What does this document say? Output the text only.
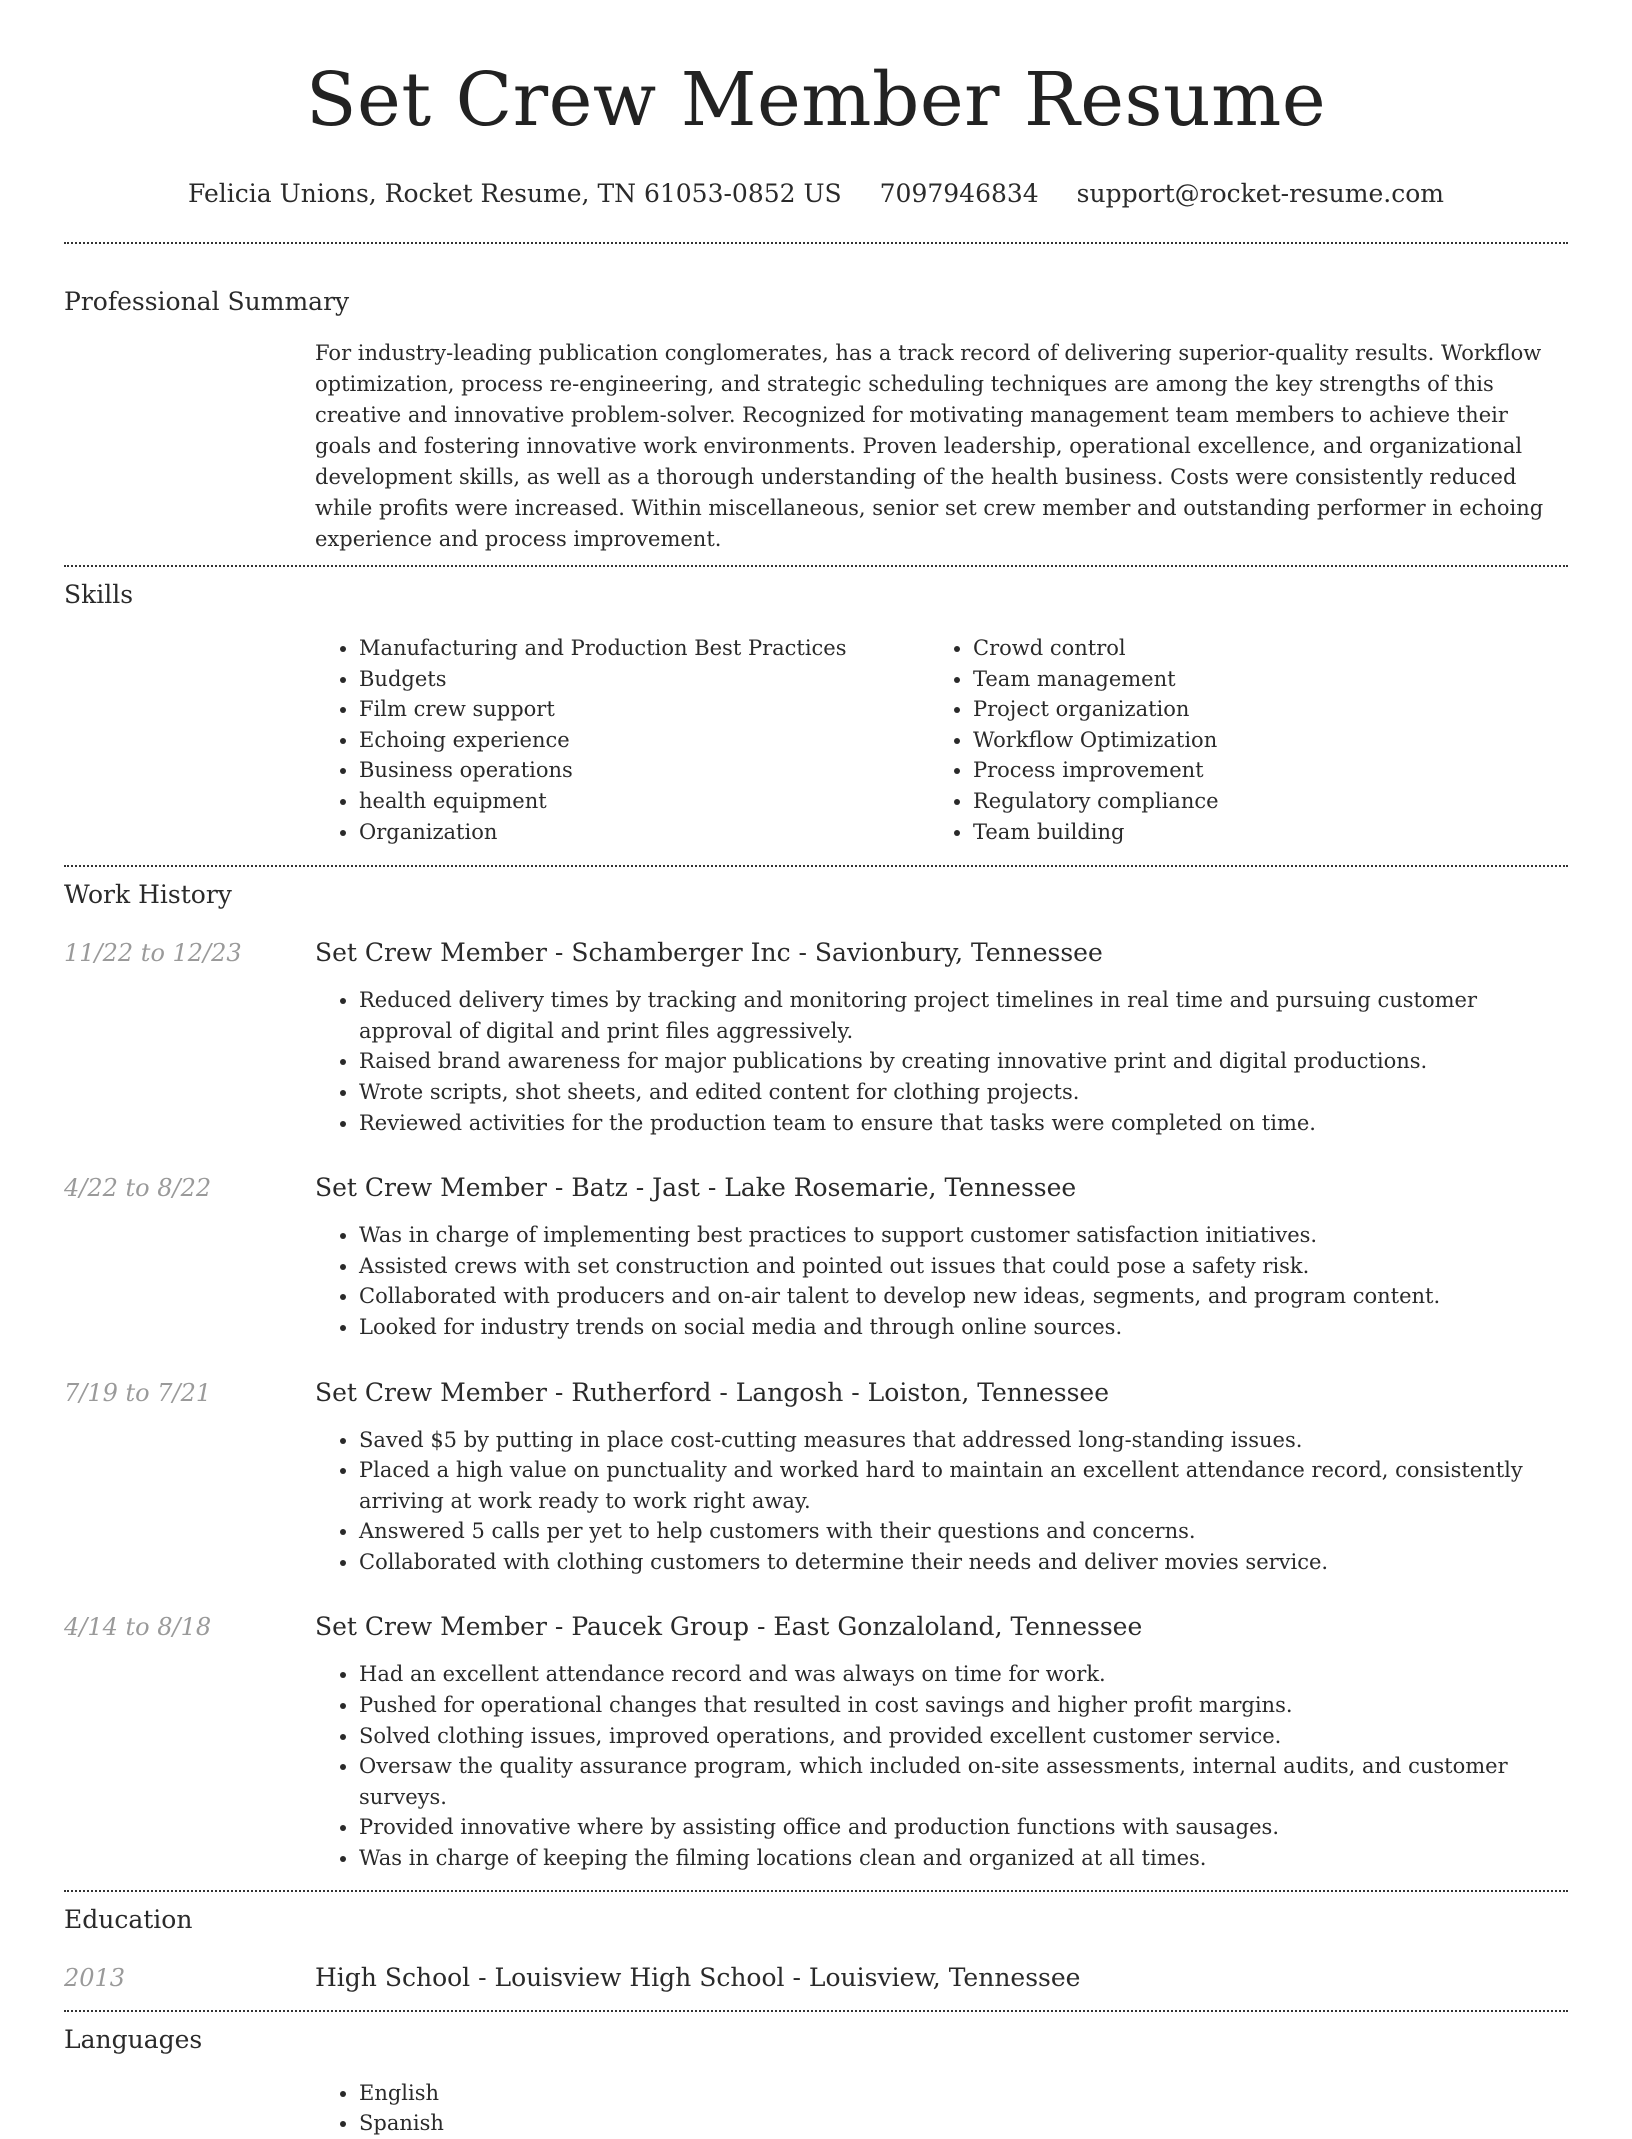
Set Crew Member Resume
Felicia Unions, Rocket Resume, TN 61053-0852 US 7097946834 support@rocket-resume.com
Professional Summary

For industry-leading publication conglomerates, has a track record of delivering superior-quality results. Workflow optimization, process re-engineering, and strategic scheduling techniques are among the key strengths of this creative and innovative problem-solver. Recognized for motivating management team members to achieve their goals and fostering innovative work environments. Proven leadership, operational excellence, and organizational development skills, as well as a thorough understanding of the health business. Costs were consistently reduced while profits were increased. Within miscellaneous, senior set crew member and outstanding performer in echoing experience and process improvement.

Skills
• Manufacturing and Production Best Practices
• Budgets
• Film crew support
• Echoing experience
• Business operations
• health equipment
• Organization
• Crowd control
• Team management
• Project organization
• Workflow Optimization
• Process improvement
• Regulatory compliance
• Team building
Work History
11/22 to 12/23	Set Crew Member - Schamberger Inc - Savionbury, Tennessee
• Reduced delivery times by tracking and monitoring project timelines in real time and pursuing customer approval of digital and print files aggressively.
• Raised brand awareness for major publications by creating innovative print and digital productions.
• Wrote scripts, shot sheets, and edited content for clothing projects.
• Reviewed activities for the production team to ensure that tasks were completed on time.
4/22 to 8/22	Set Crew Member - Batz - Jast - Lake Rosemarie, Tennessee
• Was in charge of implementing best practices to support customer satisfaction initiatives.
• Assisted crews with set construction and pointed out issues that could pose a safety risk.
• Collaborated with producers and on-air talent to develop new ideas, segments, and program content.
• Looked for industry trends on social media and through online sources.
7/19 to 7/21	Set Crew Member - Rutherford - Langosh - Loiston, Tennessee
• Saved $5 by putting in place cost-cutting measures that addressed long-standing issues.
• Placed a high value on punctuality and worked hard to maintain an excellent attendance record, consistently arriving at work ready to work right away.
• Answered 5 calls per yet to help customers with their questions and concerns.
• Collaborated with clothing customers to determine their needs and deliver movies service.
4/14 to 8/18	Set Crew Member - Paucek Group - East Gonzaloland, Tennessee
• Had an excellent attendance record and was always on time for work.
• Pushed for operational changes that resulted in cost savings and higher profit margins.
• Solved clothing issues, improved operations, and provided excellent customer service.
• Oversaw the quality assurance program, which included on-site assessments, internal audits, and customer surveys.
• Provided innovative where by assisting office and production functions with sausages.
• Was in charge of keeping the filming locations clean and organized at all times.
Education
2013	High School - Louisview High School - Louisview, Tennessee
Languages
• English
• Spanish
